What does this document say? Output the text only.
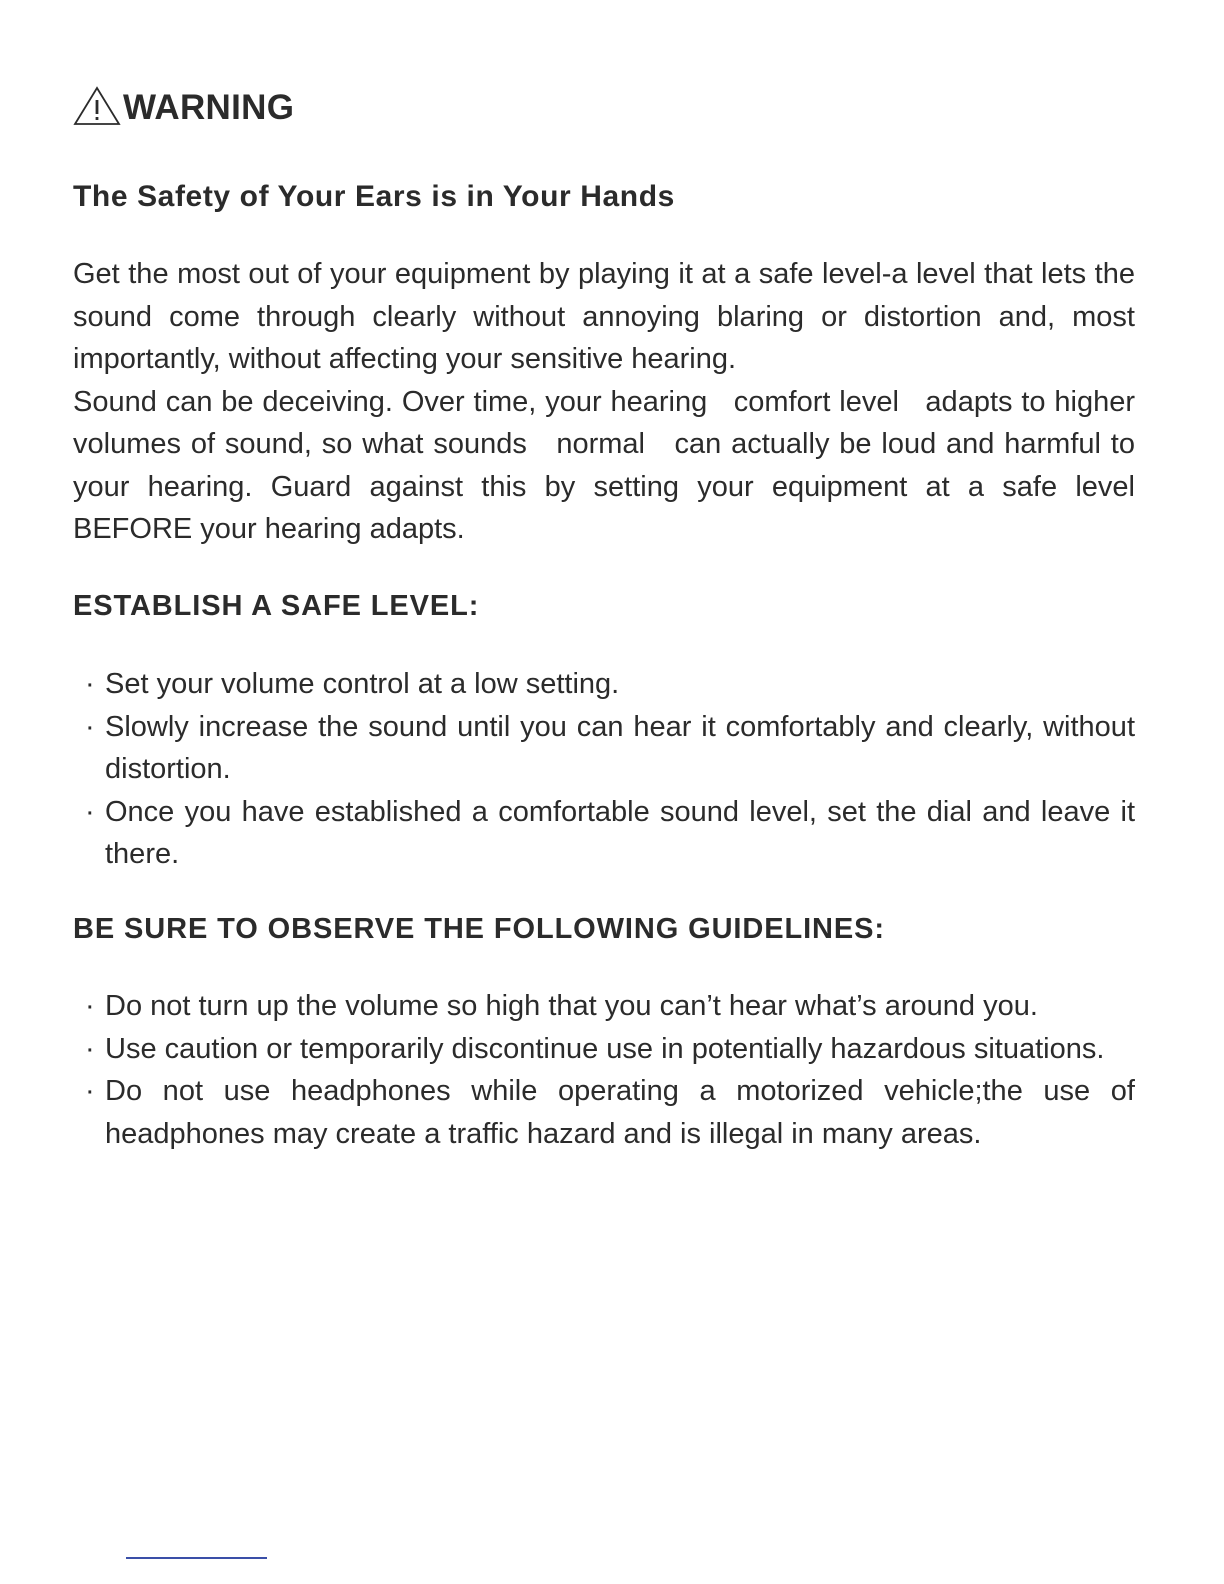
WARNING
The Safety of Your Ears is in Your Hands

Get the most out of your equipment by playing it at a safe level-a level that lets the sound come through clearly without annoying blaring or distortion and, most importantly, without affecting your sensitive hearing.

Sound can be deceiving. Over time, your hearing   comfort level   adapts to higher volumes of sound, so what sounds   normal   can actually be loud and harmful to your hearing. Guard against this by setting your equipment at a safe level BEFORE your hearing adapts.

ESTABLISH A SAFE LEVEL:
· Set your volume control at a low setting.
· Slowly increase the sound until you can hear it comfortably and clearly, without distortion.
· Once you have established a comfortable sound level, set the dial and leave it there.
BE SURE TO OBSERVE THE FOLLOWING GUIDELINES:
· Do not turn up the volume so high that you can’t hear what’s around you.
· Use caution or temporarily discontinue use in potentially hazardous situations.
· Do not use headphones while operating a motorized vehicle;the use of headphones may create a traffic hazard and is illegal in many areas.
